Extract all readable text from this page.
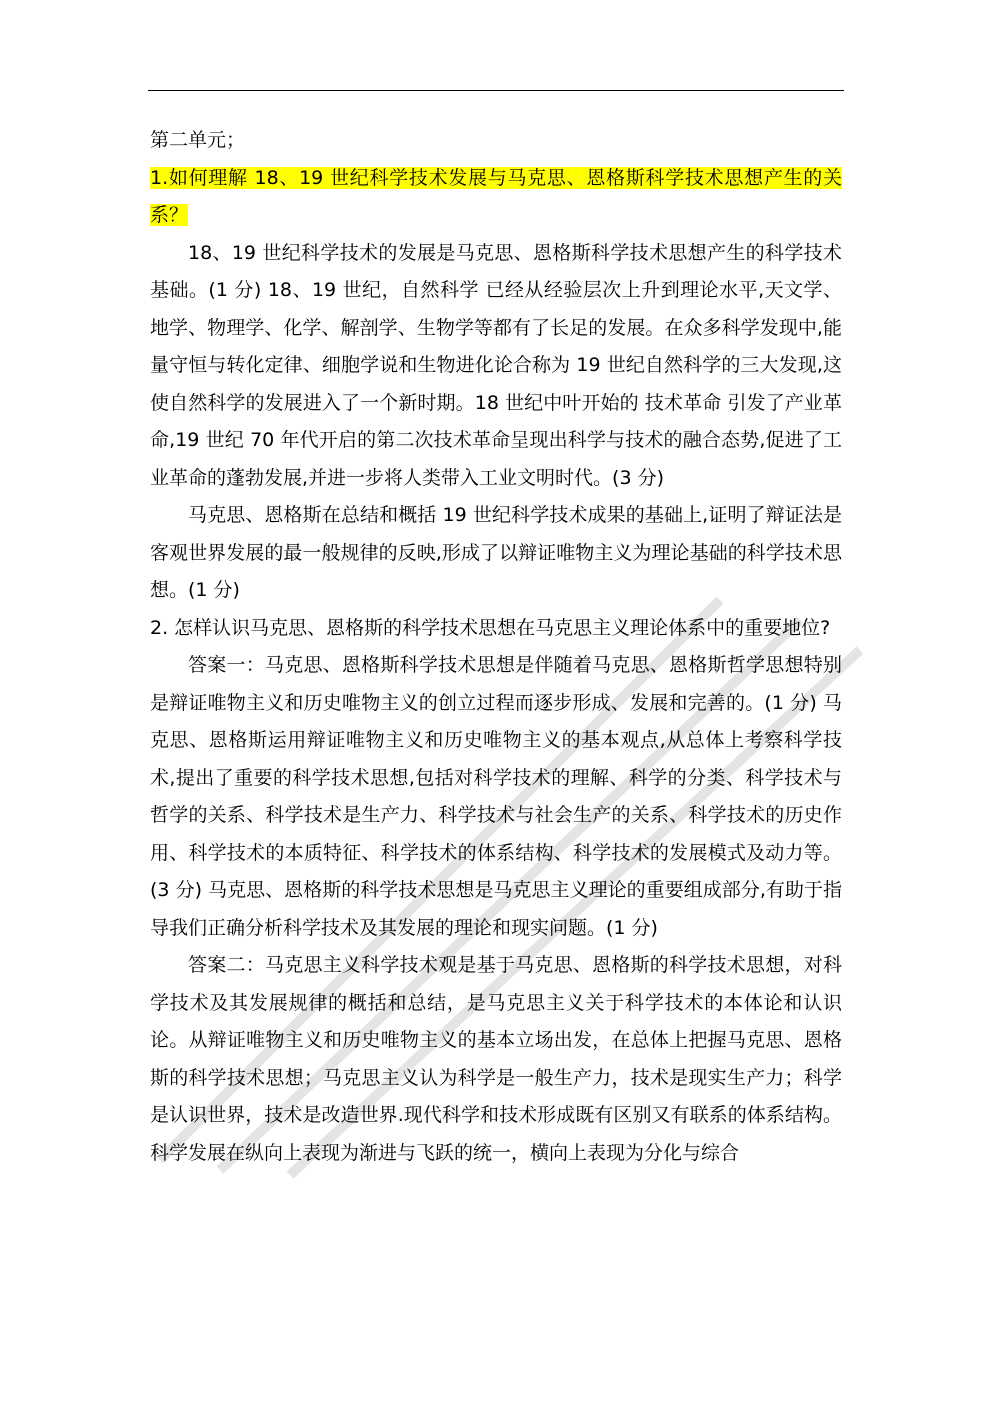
第二单元；

1.如何理解 18、19 世纪科学技术发展与马克思、恩格斯科学技术思想产生的关系？

18、19 世纪科学技术的发展是马克思、恩格斯科学技术思想产生的科学技术基础。(1 分) 18、19 世纪，自然科学 已经从经验层次上升到理论水平,天文学、地学、物理学、化学、解剖学、生物学等都有了长足的发展。在众多科学发现中,能量守恒与转化定律、细胞学说和生物进化论合称为 19 世纪自然科学的三大发现,这使自然科学的发展进入了一个新时期。18 世纪中叶开始的 技术革命 引发了产业革命,19 世纪 70 年代开启的第二次技术革命呈现出科学与技术的融合态势,促进了工业革命的蓬勃发展,并进一步将人类带入工业文明时代。(3 分)

马克思、恩格斯在总结和概括 19 世纪科学技术成果的基础上,证明了辩证法是客观世界发展的最一般规律的反映,形成了以辩证唯物主义为理论基础的科学技术思想。(1 分)

2. 怎样认识马克思、恩格斯的科学技术思想在马克思主义理论体系中的重要地位?

答案一：马克思、恩格斯科学技术思想是伴随着马克思、恩格斯哲学思想特别是辩证唯物主义和历史唯物主义的创立过程而逐步形成、发展和完善的。(1 分) 马克思、恩格斯运用辩证唯物主义和历史唯物主义的基本观点,从总体上考察科学技术,提出了重要的科学技术思想,包括对科学技术的理解、科学的分类、科学技术与哲学的关系、科学技术是生产力、科学技术与社会生产的关系、科学技术的历史作用、科学技术的本质特征、科学技术的体系结构、科学技术的发展模式及动力等。(3 分) 马克思、恩格斯的科学技术思想是马克思主义理论的重要组成部分,有助于指导我们正确分析科学技术及其发展的理论和现实问题。(1 分)

答案二：马克思主义科学技术观是基于马克思、恩格斯的科学技术思想，对科学技术及其发展规律的概括和总结，是马克思主义关于科学技术的本体论和认识论。从辩证唯物主义和历史唯物主义的基本立场出发，在总体上把握马克思、恩格斯的科学技术思想；马克思主义认为科学是一般生产力，技术是现实生产力；科学是认识世界，技术是改造世界.现代科学和技术形成既有区别又有联系的体系结构。科学发展在纵向上表现为渐进与飞跃的统一，横向上表现为分化与综合
